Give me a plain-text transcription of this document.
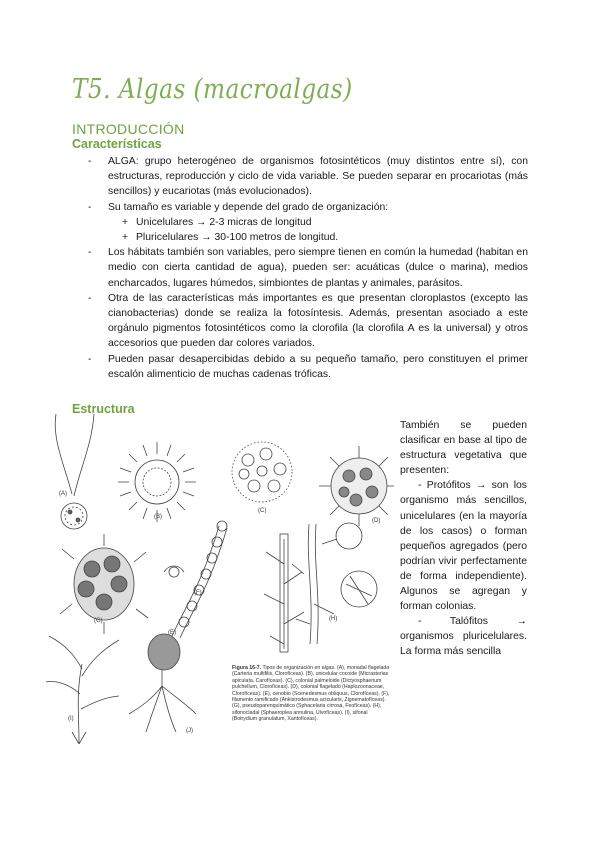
T5. Algas (macroalgas)
INTRODUCCIÓN
Características
- ALGA: grupo heterogéneo de organismos fotosintéticos (muy distintos entre sí), con estructuras, reproducción y ciclo de vida variable. Se pueden separar en procariotas (más sencillos) y eucariotas (más evolucionados).
- Su tamaño es variable y depende del grado de organización:
+ Unicelulares → 2-3 micras de longitud
+ Pluricelulares → 30-100 metros de longitud.
- Los hábitats también son variables, pero siempre tienen en común la humedad (habitan en medio con cierta cantidad de agua), pueden ser: acuáticas (dulce o marina), medios encharcados, lugares húmedos, simbiontes de plantas y animales, parásitos.
- Otra de las características más importantes es que presentan cloroplastos (excepto las cianobacterias) donde se realiza la fotosíntesis. Además, presentan asociado a este orgánulo pigmentos fotosintéticos como la clorofila (la clorofila A es la universal) y otros accesorios que pueden dar colores variados.
- Pueden pasar desapercibidas debido a su pequeño tamaño, pero constituyen el primer escalón alimenticio de muchas cadenas tróficas.
Estructura
(A)
(B)
(C)
(D)
(E)
(F)
(G)	(H)
(I)
(J)
Figura 16-7. Tipos de organización en algas. (A), monadal flagelada (Carteria multifilis, Clorofíceas). (B), unicelular cocoide (Micrasterias apiculata, Carofíceas). (C), colonial palmeloide (Dictyosphaerium pulchellum, Clorofíceas). (D), colonial flagelado (Haplozoonaceae, Clorofíceas). (E), cenobio (Scenedesmus obliquus, Clorofíceas). (F), filamento ramificado (Ankistrodesmus acicularis, Zignematofíceas). (G), pseudoparenquimático (Sphacelaria cirrosa, Feofíceas). (H), sifonocladal (Sphaeroplea annulina, Ulvofíceas). (I), sifonal (Botrydium granulatum, Xantofíceas).

También se pueden clasificar en base al tipo de estructura vegetativa que presenten:

- Protófitos → son los organismo más sencillos, unicelulares (en la mayoría de los casos) o forman pequeños agregados (pero podrían vivir perfectamente de forma independiente). Algunos se agregan y forman colonias.

- Talófitos → organismos pluricelulares. La forma más sencilla
